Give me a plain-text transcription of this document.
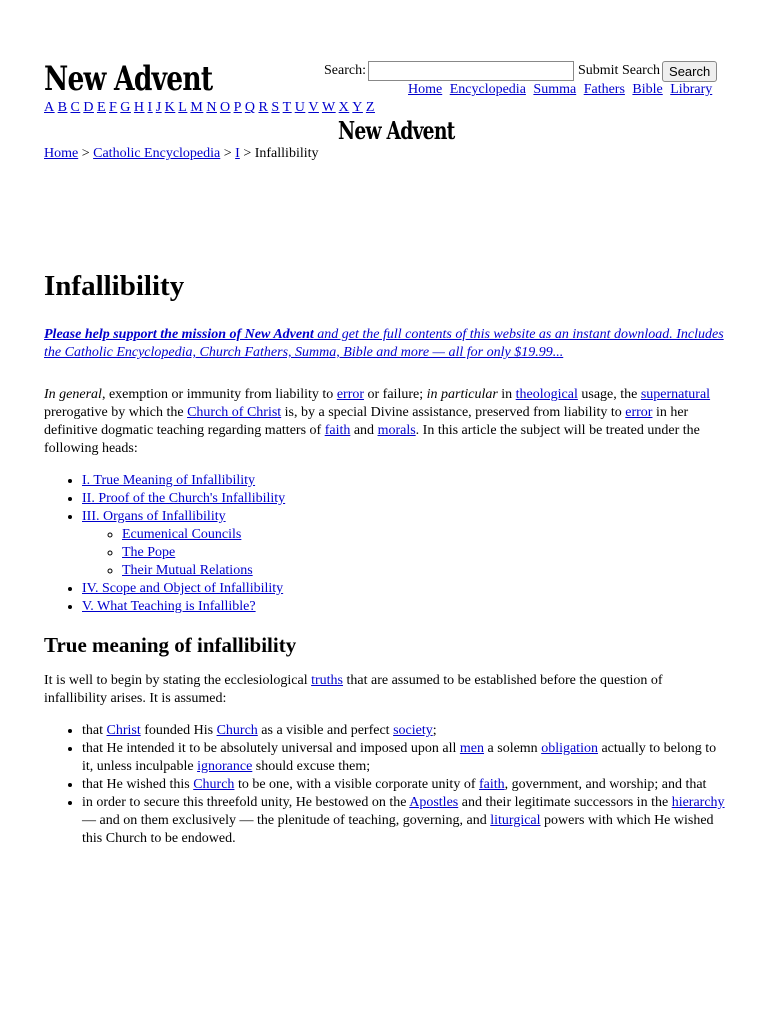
New Advent	Search:	Submit Search Search
Home Encyclopedia Summa Fathers Bible Library
A B C D E F G H I J K L M N O P Q R S T U V W X Y Z
New Advent
Home > Catholic Encyclopedia > I > Infallibility
Infallibility
Please help support the mission of New Advent and get the full contents of this website as an instant download. Includes the Catholic Encyclopedia, Church Fathers, Summa, Bible and more — all for only $19.99...

In general, exemption or immunity from liability to error or failure; in particular in theological usage, the supernatural prerogative by which the Church of Christ is, by a special Divine assistance, preserved from liability to error in her definitive dogmatic teaching regarding matters of faith and morals. In this article the subject will be treated under the following heads:

• I. True Meaning of Infallibility
• II. Proof of the Church's Infallibility
• III. Organs of Infallibility
◦ Ecumenical Councils
◦ The Pope
◦ Their Mutual Relations
• IV. Scope and Object of Infallibility
• V. What Teaching is Infallible?
True meaning of infallibility

It is well to begin by stating the ecclesiological truths that are assumed to be established before the question of infallibility arises. It is assumed:

• that Christ founded His Church as a visible and perfect society;
• that He intended it to be absolutely universal and imposed upon all men a solemn obligation actually to belong to it, unless inculpable ignorance should excuse them;
• that He wished this Church to be one, with a visible corporate unity of faith, government, and worship; and that
• in order to secure this threefold unity, He bestowed on the Apostles and their legitimate successors in the hierarchy — and on them exclusively — the plenitude of teaching, governing, and liturgical powers with which He wished this Church to be endowed.
